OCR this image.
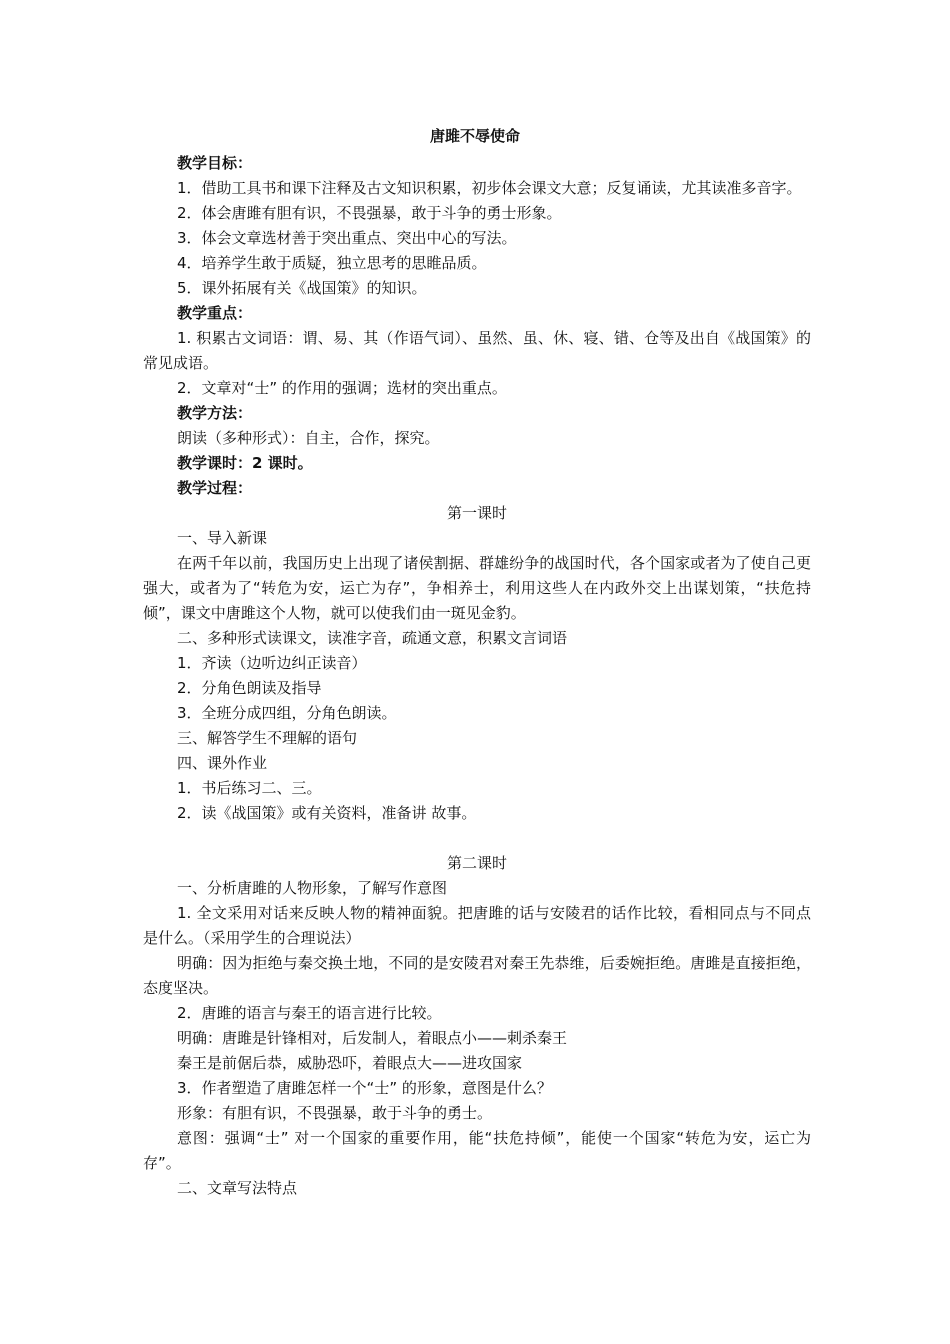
唐雎不辱使命

教学目标：

1．借助工具书和课下注释及古文知识积累，初步体会课文大意；反复诵读，尤其读准多音字。

2．体会唐雎有胆有识，不畏强暴，敢于斗争的勇士形象。

3．体会文章选材善于突出重点、突出中心的写法。

4．培养学生敢于质疑，独立思考的思睢品质。

5．课外拓展有关《战国策》的知识。

教学重点：

1. 积累古文词语：谓、易、其（作语气词）、虽然、虽、休、寝、错、仓等及出自《战国策》的常见成语。

2．文章对“士” 的作用的强调；选材的突出重点。

教学方法：

朗读（多种形式）：自主，合作，探究。

教学课时：2 课时。

教学过程：

第一课时

一、导入新课

在两千年以前，我国历史上出现了诸侯割据、群雄纷争的战国时代，各个国家或者为了使自己更强大，或者为了“转危为安，运亡为存”，争相养士，利用这些人在内政外交上出谋划策，“扶危持倾”，课文中唐雎这个人物，就可以使我们由一斑见金豹。

二、多种形式读课文，读准字音，疏通文意，积累文言词语

1．齐读（边听边纠正读音）

2．分角色朗读及指导

3．全班分成四组，分角色朗读。

三、解答学生不理解的语句

四、课外作业

1．书后练习二、三。

2．读《战国策》或有关资料，准备讲 故事。

第二课时

一、分析唐雎的人物形象，了解写作意图

1. 全文采用对话来反映人物的精神面貌。把唐雎的话与安陵君的话作比较，看相同点与不同点是什么。（采用学生的合理说法）

明确：因为拒绝与秦交换土地，不同的是安陵君对秦王先恭维，后委婉拒绝。唐雎是直接拒绝，态度坚决。

2．唐雎的语言与秦王的语言进行比较。

明确：唐雎是针锋相对，后发制人，着眼点小——刺杀秦王

秦王是前倨后恭，威胁恐吓，着眼点大——进攻国家

3．作者塑造了唐雎怎样一个“士” 的形象，意图是什么？

形象：有胆有识，不畏强暴，敢于斗争的勇士。

意图：强调“士” 对一个国家的重要作用，能“扶危持倾”，能使一个国家“转危为安，运亡为存”。

二、文章写法特点
